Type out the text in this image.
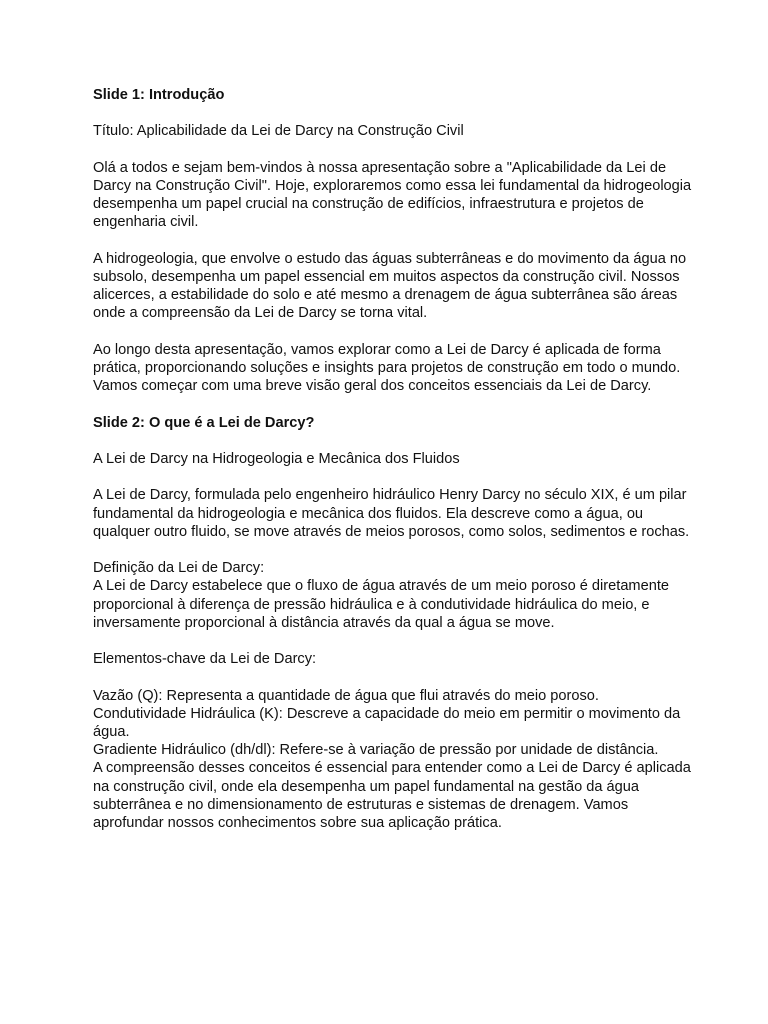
Slide 1: Introdução

Título: Aplicabilidade da Lei de Darcy na Construção Civil

Olá a todos e sejam bem-vindos à nossa apresentação sobre a "Aplicabilidade da Lei de Darcy na Construção Civil". Hoje, exploraremos como essa lei fundamental da hidrogeologia desempenha um papel crucial na construção de edifícios, infraestrutura e projetos de engenharia civil.

A hidrogeologia, que envolve o estudo das águas subterrâneas e do movimento da água no subsolo, desempenha um papel essencial em muitos aspectos da construção civil. Nossos alicerces, a estabilidade do solo e até mesmo a drenagem de água subterrânea são áreas onde a compreensão da Lei de Darcy se torna vital.

Ao longo desta apresentação, vamos explorar como a Lei de Darcy é aplicada de forma prática, proporcionando soluções e insights para projetos de construção em todo o mundo. Vamos começar com uma breve visão geral dos conceitos essenciais da Lei de Darcy.

Slide 2: O que é a Lei de Darcy?

A Lei de Darcy na Hidrogeologia e Mecânica dos Fluidos

A Lei de Darcy, formulada pelo engenheiro hidráulico Henry Darcy no século XIX, é um pilar fundamental da hidrogeologia e mecânica dos fluidos. Ela descreve como a água, ou qualquer outro fluido, se move através de meios porosos, como solos, sedimentos e rochas.

Definição da Lei de Darcy:

A Lei de Darcy estabelece que o fluxo de água através de um meio poroso é diretamente proporcional à diferença de pressão hidráulica e à condutividade hidráulica do meio, e inversamente proporcional à distância através da qual a água se move.

Elementos-chave da Lei de Darcy:

Vazão (Q): Representa a quantidade de água que flui através do meio poroso.

Condutividade Hidráulica (K): Descreve a capacidade do meio em permitir o movimento da água.

Gradiente Hidráulico (dh/dl): Refere-se à variação de pressão por unidade de distância.

A compreensão desses conceitos é essencial para entender como a Lei de Darcy é aplicada na construção civil, onde ela desempenha um papel fundamental na gestão da água subterrânea e no dimensionamento de estruturas e sistemas de drenagem. Vamos aprofundar nossos conhecimentos sobre sua aplicação prática.
